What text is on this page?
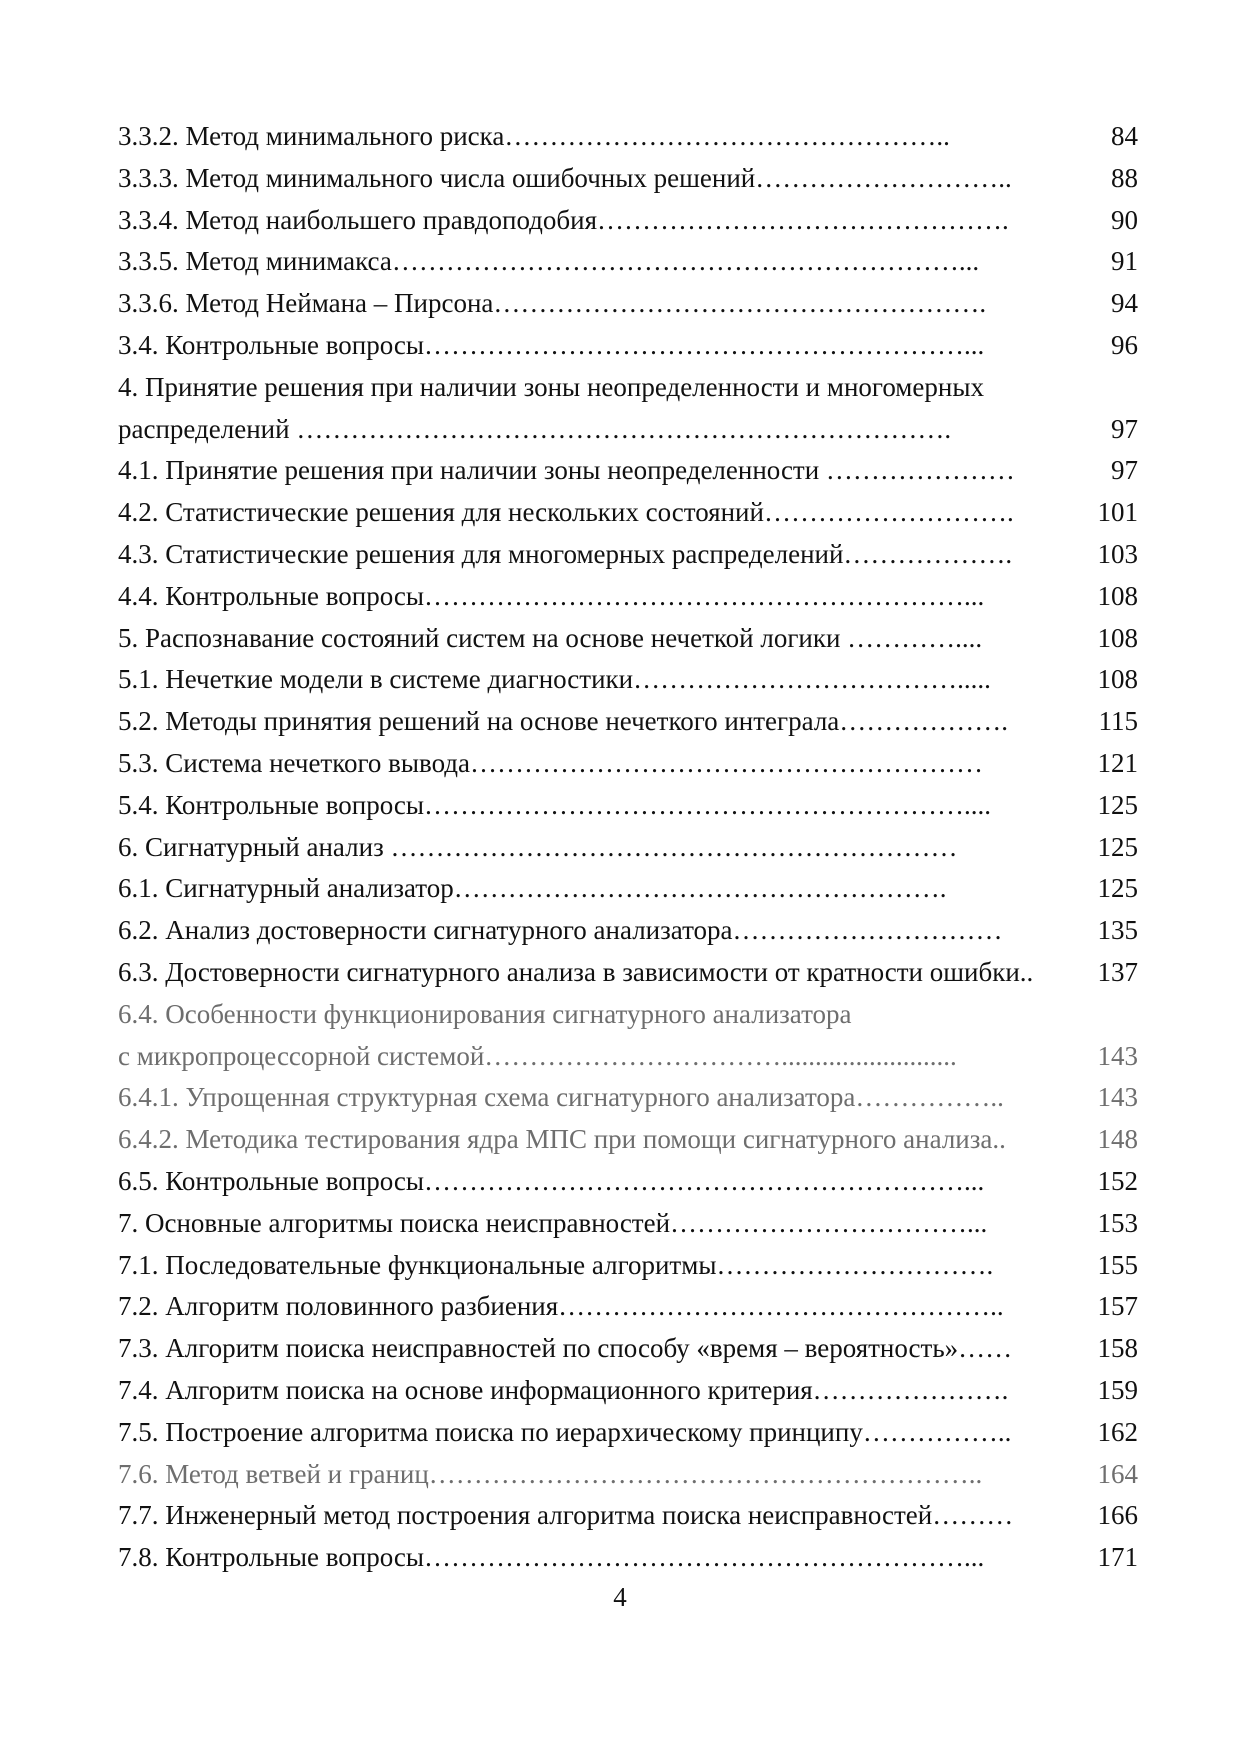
3.3.2. Метод минимального риска…………………………………………..	84
3.3.3. Метод минимального числа ошибочных решений………………………..	88
3.3.4. Метод наибольшего правдоподобия……………………………………….	90
3.3.5. Метод минимакса………………………………………………………...	91
3.3.6. Метод Неймана – Пирсона……………………………………………….	94
3.4. Контрольные вопросы……………………………………………………...	96
4. Принятие решения при наличии зоны неопределенности и многомерных
распределений ……………………………………………………………….	97
4.1. Принятие решения при наличии зоны неопределенности …………………	97
4.2. Статистические решения для нескольких состояний……………………….	101
4.3. Статистические решения для многомерных распределений……………….	103
4.4. Контрольные вопросы……………………………………………………...	108
5. Распознавание состояний систем на основе нечеткой логики …………....	108
5.1. Нечеткие модели в системе диагностики……………………………….....	108
5.2. Методы принятия решений на основе нечеткого интеграла……………….	115
5.3. Система нечеткого вывода…………………………………………………	121
5.4. Контрольные вопросы……………………………………………………....	125
6. Сигнатурный анализ ………………………………………………………	125
6.1. Сигнатурный анализатор……………………………………………….	125
6.2. Анализ достоверности сигнатурного анализатора…………………………	135
6.3. Достоверности сигнатурного анализа в зависимости от кратности ошибки..	137
6.4. Особенности функционирования сигнатурного анализатора
с микропроцессорной системой……………………………..........................	143
6.4.1. Упрощенная структурная схема сигнатурного анализатора……………..	143
6.4.2. Методика тестирования ядра МПС при помощи сигнатурного анализа..	148
6.5. Контрольные вопросы……………………………………………………...	152
7. Основные алгоритмы поиска неисправностей……………………………...	153
7.1. Последовательные функциональные алгоритмы………………………….	155
7.2. Алгоритм половинного разбиения…………………………………………..	157
7.3. Алгоритм поиска неисправностей по способу «время – вероятность»……	158
7.4. Алгоритм поиска на основе информационного критерия………………….	159
7.5. Построение алгоритма поиска по иерархическому принципу……………..	162
7.6. Метод ветвей и границ……………………………………………………..	164
7.7. Инженерный метод построения алгоритма поиска неисправностей………	166
7.8. Контрольные вопросы……………………………………………………...	171
4
